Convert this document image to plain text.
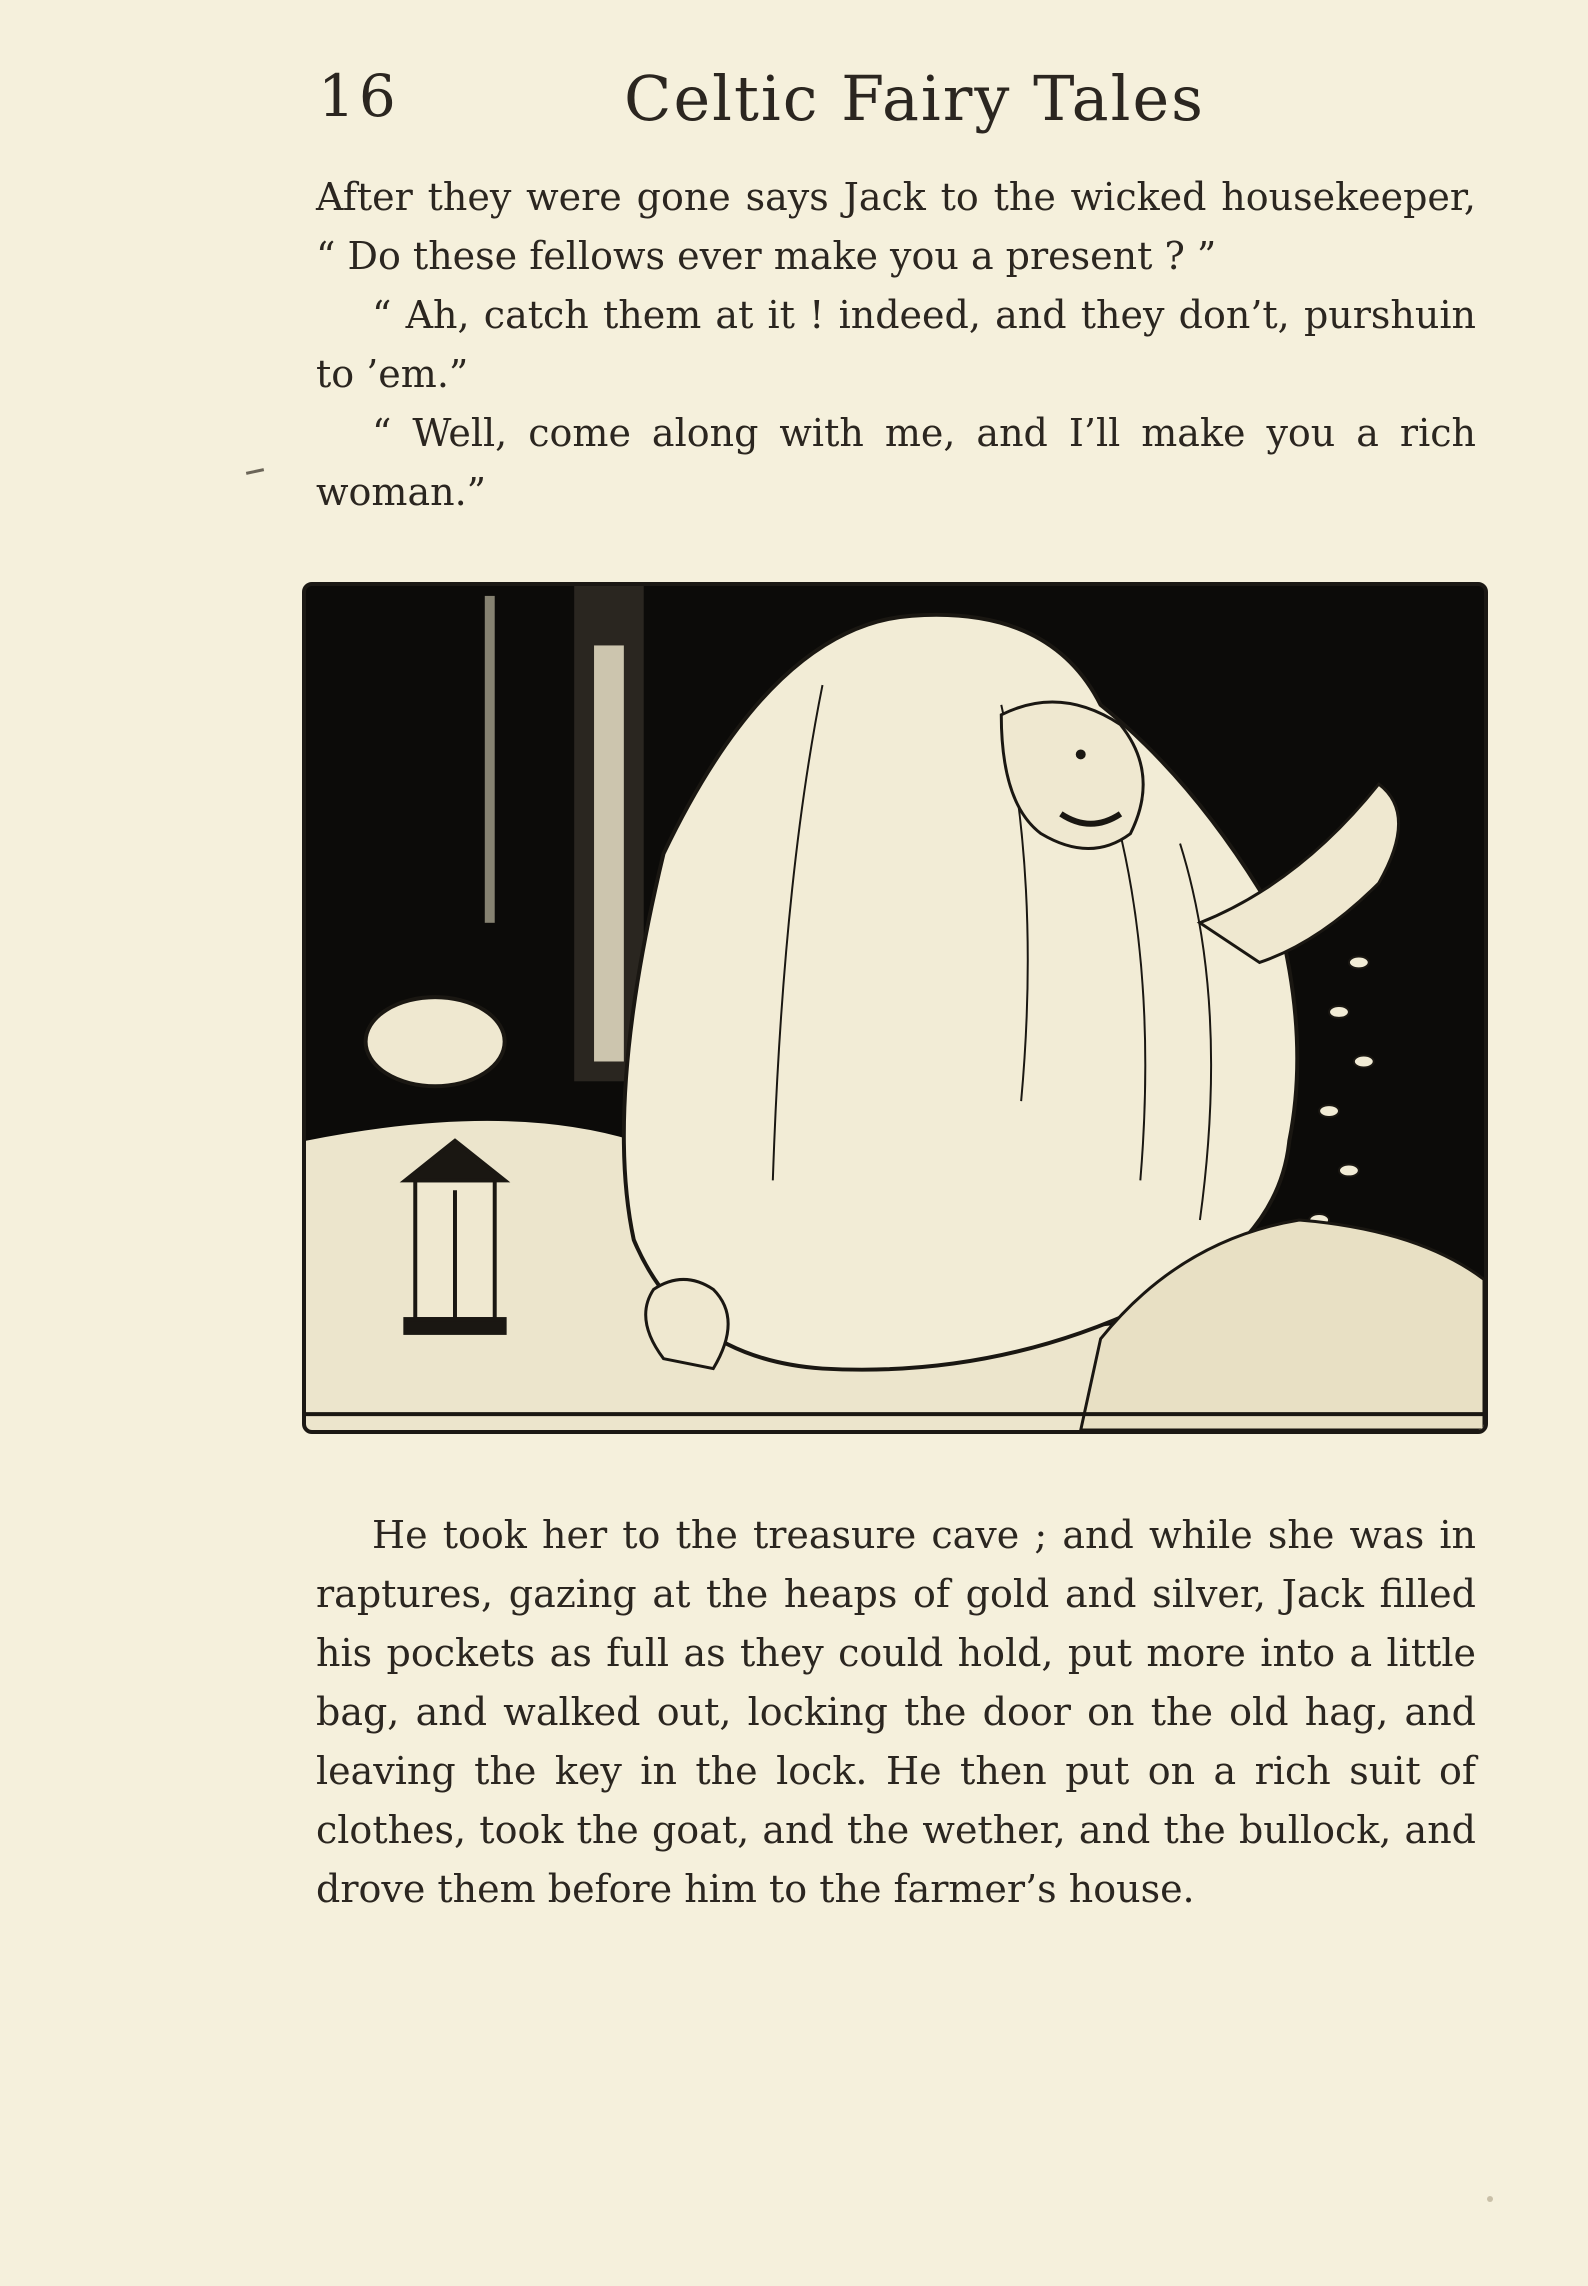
16	Celtic Fairy Tales

After they were gone says Jack to the wicked housekeeper, “ Do these fellows ever make you a present ? ”

“ Ah, catch them at it ! indeed, and they don’t, purshuin to ’em.”

“ Well, come along with me, and I’ll make you a rich woman.”

He took her to the treasure cave ; and while she was in raptures, gazing at the heaps of gold and silver, Jack filled his pockets as full as they could hold, put more into a little bag, and walked out, locking the door on the old hag, and leaving the key in the lock. He then put on a rich suit of clothes, took the goat, and the wether, and the bullock, and drove them before him to the farmer’s house.
